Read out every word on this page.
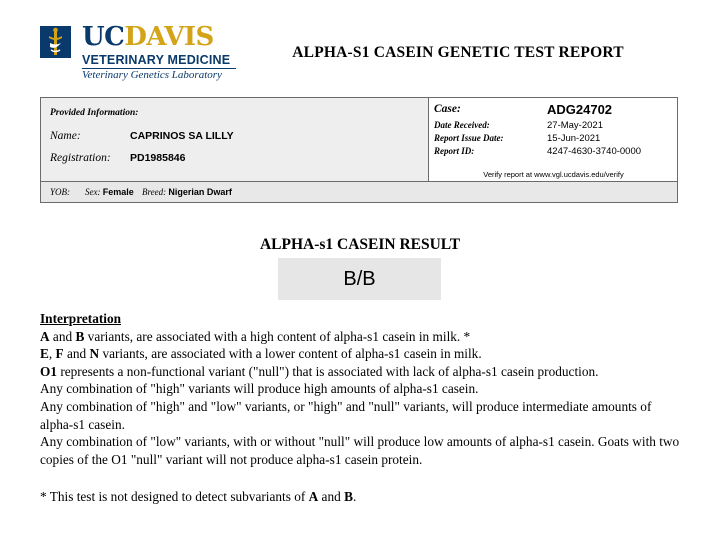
UCDAVIS
VETERINARY MEDICINE
Veterinary Genetics Laboratory
ALPHA-S1 CASEIN GENETIC TEST REPORT
Provided Information:
Name:	CAPRINOS SA LILLY
Registration: PD1985846
Case:	ADG24702
Date Received:	27-May-2021
Report Issue Date:	15-Jun-2021
Report ID:	4247-4630-3740-0000
Verify report at www.vgl.ucdavis.edu/verify
YOB: Sex: Female Breed: Nigerian Dwarf
ALPHA-s1 CASEIN RESULT
B/B

Interpretation

A and B variants, are associated with a high content of alpha-s1 casein in milk. *

E, F and N variants, are associated with a lower content of alpha-s1 casein in milk.

O1 represents a non-functional variant ("null") that is associated with lack of alpha-s1 casein production.

Any combination of "high" variants will produce high amounts of alpha-s1 casein.

Any combination of "high" and "low" variants, or "high" and "null" variants, will produce intermediate amounts of alpha-s1 casein.

Any combination of "low" variants, with or without "null" will produce low amounts of alpha-s1 casein. Goats with two copies of the O1 "null" variant will not produce alpha-s1 casein protein.

* This test is not designed to detect subvariants of A and B.
